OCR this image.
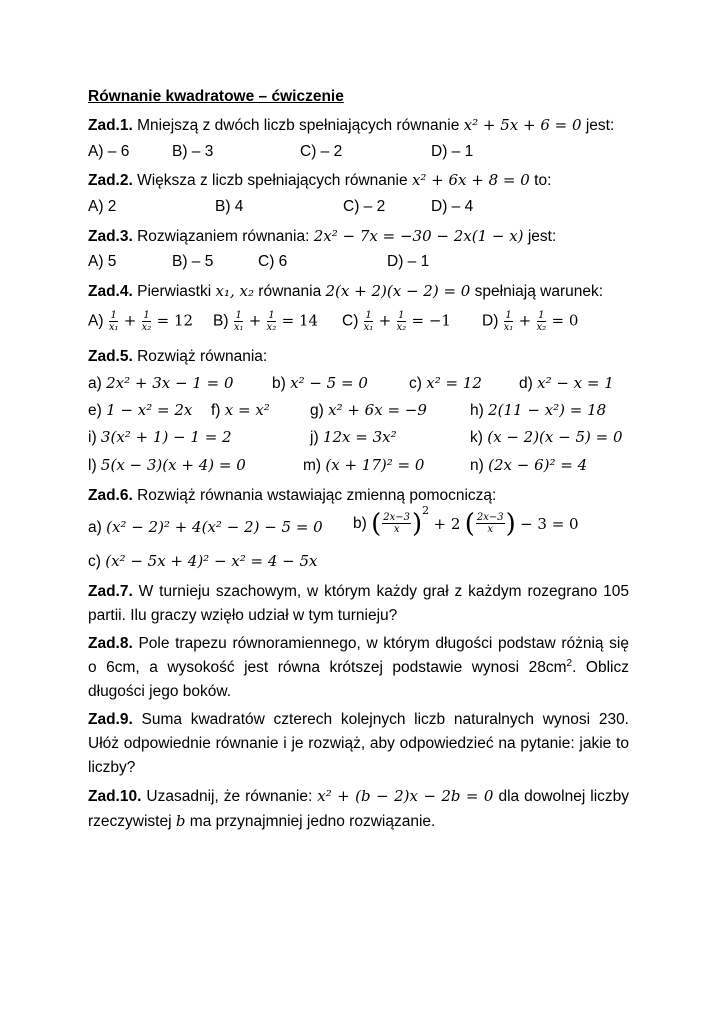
Równanie kwadratowe – ćwiczenie
Zad.1. Mniejszą z dwóch liczb spełniających równanie x² + 5x + 6 = 0 jest:
A) – 6	B) – 3	C) – 2	D) – 1
Zad.2. Większa z liczb spełniających równanie x² + 6x + 8 = 0 to:
A) 2	B) 4	C) – 2	D) – 4
Zad.3. Rozwiązaniem równania: 2x² − 7x = −30 − 2x(1 − x) jest:
A) 5	B) – 5	C) 6	D) – 1
Zad.4. Pierwiastki x₁, x₂ równania 2(x + 2)(x − 2) = 0 spełniają warunek:
$A) \frac{1}{\text{x₁}} + \frac{1}{\text{x₂}} = 12$ $B) \frac{1}{\text{x₁}} + \frac{1}{\text{x₂}} = 14$ $C) \frac{1}{\text{x₁}} + \frac{1}{\text{x₂}} = -1$ $D) \frac{1}{\text{x₁}} + \frac{1}{\text{x₂}} = 0$
Zad.5. Rozwiąż równania:
a) 2x² + 3x − 1 = 0 b) x² − 5 = 0	c) x² = 12 d) x² − x = 1
e) 1 − x² = 2x f) x = x²	g) x² + 6x = −9	h) 2(11 − x²) = 18
i) 3(x² + 1) − 1 = 2	j) 12x = 3x²	k) (x − 2)(x − 5) = 0
l) 5(x − 3)(x + 4) = 0	m) (x + 17)² = 0	n) (2x − 6)² = 4
Zad.6. Rozwiąż równania wstawiając zmienną pomocniczą:
a) (x² − 2)² + 4(x² − 2) − 5 = 0 b) ( $\frac{2x-3}{x} )^2 + 2$ ( $\frac{2x-3}{x}$ ) − 3 = 0
c) (x² − 5x + 4)² − x² = 4 − 5x
Zad.7. W turnieju szachowym, w którym każdy grał z każdym rozegrano 105 partii. Ilu graczy wzięło udział w tym turnieju?
Zad.8. Pole trapezu równoramiennego, w którym długości podstaw różnią się o 6cm, a wysokość jest równa krótszej podstawie wynosi $28cm^2$. Oblicz długości jego boków.
Zad.9. Suma kwadratów czterech kolejnych liczb naturalnych wynosi 230. Ułóż odpowiednie równanie i je rozwiąż, aby odpowiedzieć na pytanie: jakie to liczby?
Zad.10. Uzasadnij, że równanie: x² + (b − 2)x − 2b = 0 dla dowolnej liczby rzeczywistej b ma przynajmniej jedno rozwiązanie.
